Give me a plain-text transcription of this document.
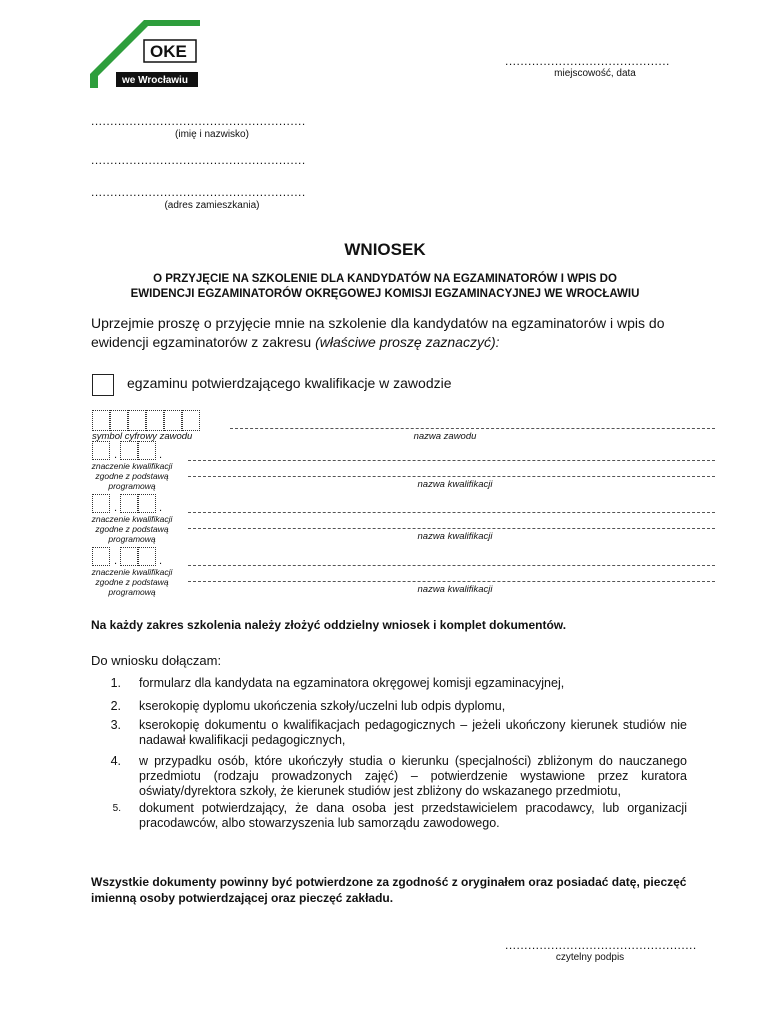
OKE
we Wrocławiu
...........................................
miejscowość, data
........................................................
(imię i nazwisko)
........................................................
........................................................
(adres zamieszkania)
WNIOSEK
O PRZYJĘCIE NA SZKOLENIE DLA KANDYDATÓW NA EGZAMINATORÓW I WPIS DO
EWIDENCJI EGZAMINATORÓW OKRĘGOWEJ KOMISJI EGZAMINACYJNEJ WE WROCŁAWIU
Uprzejmie proszę o przyjęcie mnie na szkolenie dla kandydatów na egzaminatorów i wpis do ewidencji egzaminatorów z zakresu (właściwe proszę zaznaczyć):
egzaminu potwierdzającego kwalifikacje w zawodzie
symbol cyfrowy zawodu	nazwa zawodu
.	.
znaczenie kwalifikacji
zgodne z podstawą
programową	nazwa kwalifikacji
.	.
znaczenie kwalifikacji
zgodne z podstawą
programową	nazwa kwalifikacji
.	.
znaczenie kwalifikacji
zgodne z podstawą
programową	nazwa kwalifikacji
Na każdy zakres szkolenia należy złożyć oddzielny wniosek i komplet dokumentów.
Do wniosku dołączam:
1. formularz dla kandydata na egzaminatora okręgowej komisji egzaminacyjnej,
2. kserokopię dyplomu ukończenia szkoły/uczelni lub odpis dyplomu,
3. kserokopię dokumentu o kwalifikacjach pedagogicznych – jeżeli ukończony kierunek studiów nie nadawał kwalifikacji pedagogicznych,
4. w przypadku osób, które ukończyły studia o kierunku (specjalności) zbliżonym do nauczanego przedmiotu (rodzaju prowadzonych zajęć) – potwierdzenie wystawione przez kuratora oświaty/dyrektora szkoły, że kierunek studiów jest zbliżony do wskazanego przedmiotu,
5. dokument potwierdzający, że dana osoba jest przedstawicielem pracodawcy, lub organizacji pracodawców, albo stowarzyszenia lub samorządu zawodowego.
Wszystkie dokumenty powinny być potwierdzone za zgodność z oryginałem oraz posiadać datę, pieczęć imienną osoby potwierdzającej oraz pieczęć zakładu.
..................................................
czytelny podpis
